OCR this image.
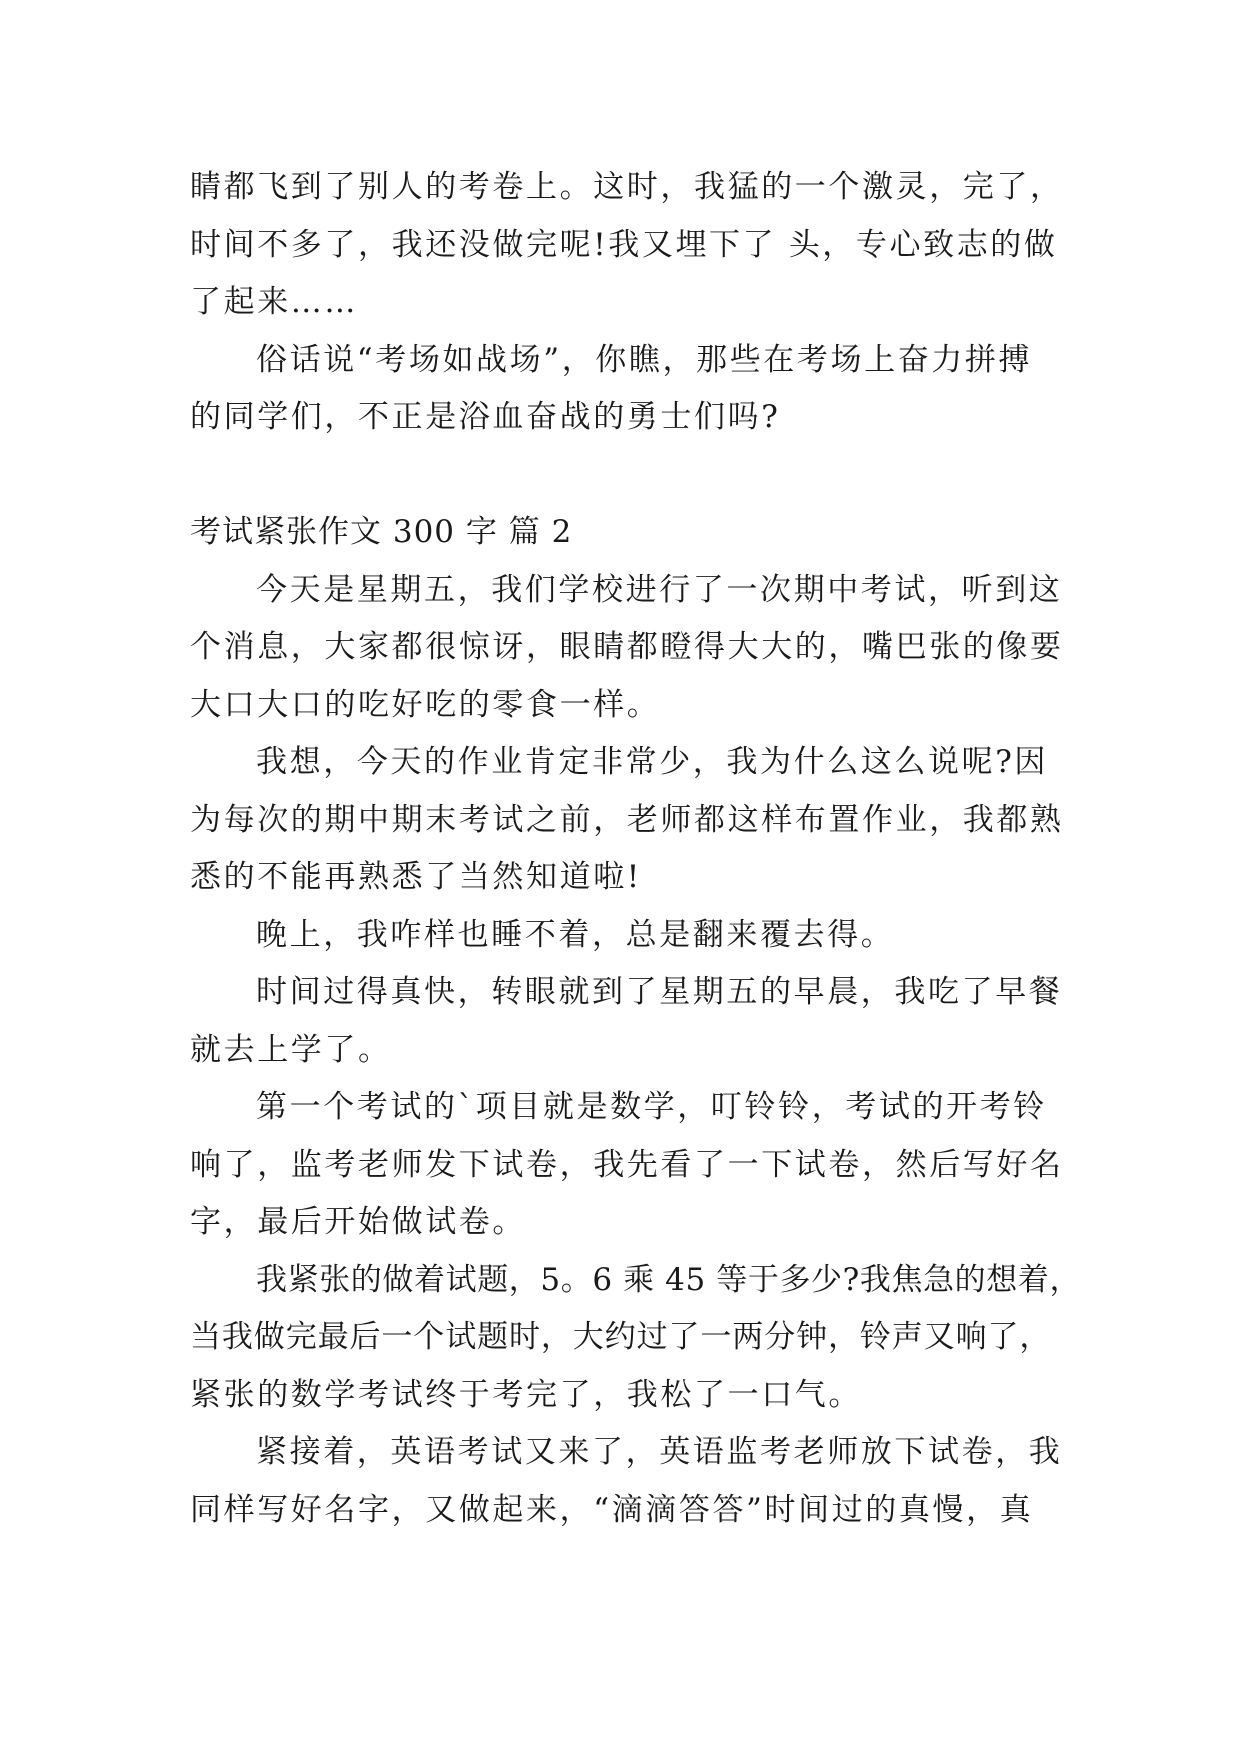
睛都飞到了别人的考卷上。这时，我猛的一个激灵，完了，
时间不多了，我还没做完呢!我又埋下了 头，专心致志的做
了起来……
俗话说“考场如战场”，你瞧，那些在考场上奋力拼搏
的同学们，不正是浴血奋战的勇士们吗?
考试紧张作文 300 字 篇 2
今天是星期五，我们学校进行了一次期中考试，听到这
个消息，大家都很惊讶，眼睛都瞪得大大的，嘴巴张的像要
大口大口的吃好吃的零食一样。
我想，今天的作业肯定非常少，我为什么这么说呢?因
为每次的期中期末考试之前，老师都这样布置作业，我都熟
悉的不能再熟悉了当然知道啦!
晚上，我咋样也睡不着，总是翻来覆去得。
时间过得真快，转眼就到了星期五的早晨，我吃了早餐
就去上学了。
第一个考试的`项目就是数学，叮铃铃，考试的开考铃
响了，监考老师发下试卷，我先看了一下试卷，然后写好名
字，最后开始做试卷。
我紧张的做着试题，5。6 乘 45 等于多少?我焦急的想着，
当我做完最后一个试题时，大约过了一两分钟，铃声又响了，
紧张的数学考试终于考完了，我松了一口气。
紧接着，英语考试又来了，英语监考老师放下试卷，我
同样写好名字，又做起来，“滴滴答答”时间过的真慢，真
